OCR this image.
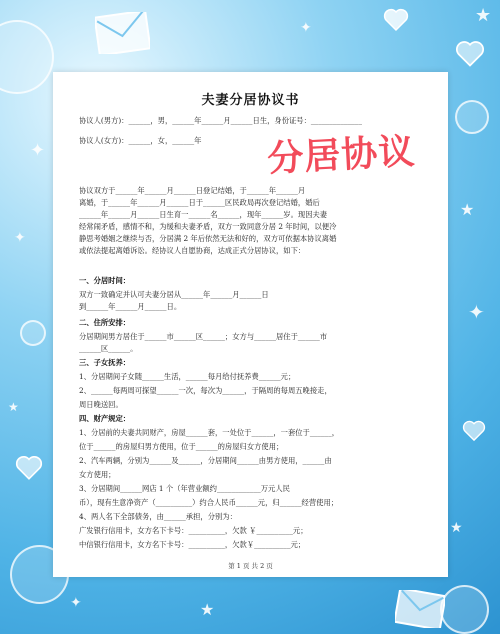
✦
★
✦
✦
★
✦
★
✦
★
★
夫妻分居协议书
协议人(男方)：______，男，______年______月______日生，身份证号：______________
协议人(女方)：______，女，______年	分居协议
协议双方于______年______月______日登记结婚，于______年______月
离婚，于______年______月______日于______区民政局再次登记结婚，婚后
______年______月______日生育一______名______，现年______岁。现因夫妻
经常闹矛盾，感情不和，为缓和夫妻矛盾，双方一致同意分居 2 年时间，以便冷
静思考婚姻之继续与否，分居满 2 年后依然无法和好的，双方可依据本协议离婚
或依法提起离婚诉讼。经协议人自愿协商，达成正式分居协议，如下：
一、分居时间：
双方一致确定并认可夫妻分居从______年______月______日
到______年______月______日。
二、住所安排：
分居期间男方居住于______市______区______；女方与______居住于______市
______区______。
三、子女抚养：
1、分居期间子女随______生活，______每月给付抚养费______元；
2、______每两周可探望______一次，每次为______，于隔周的每周五晚接走，
周日晚送回。
四、财产规定：
1、分居前的夫妻共同财产，房屋______套，一处位于______，一套位于______，
位于______的房屋归男方使用，位于______的房屋归女方使用；
2、汽车两辆，分别为______及______，分居期间______由男方使用，______由
女方使用；
3、分居期间______网店 1 个（年营业额约____________万元人民
币），现有生意净资产（__________）约合人民币______元，归______经营使用；
4、两人名下全部债务，由______承担，分别为：
广发银行信用卡，女方名下卡号：__________，欠款 ￥__________元；
中信银行信用卡，女方名下卡号：__________，欠款￥__________元；
第 1 页 共 2 页
